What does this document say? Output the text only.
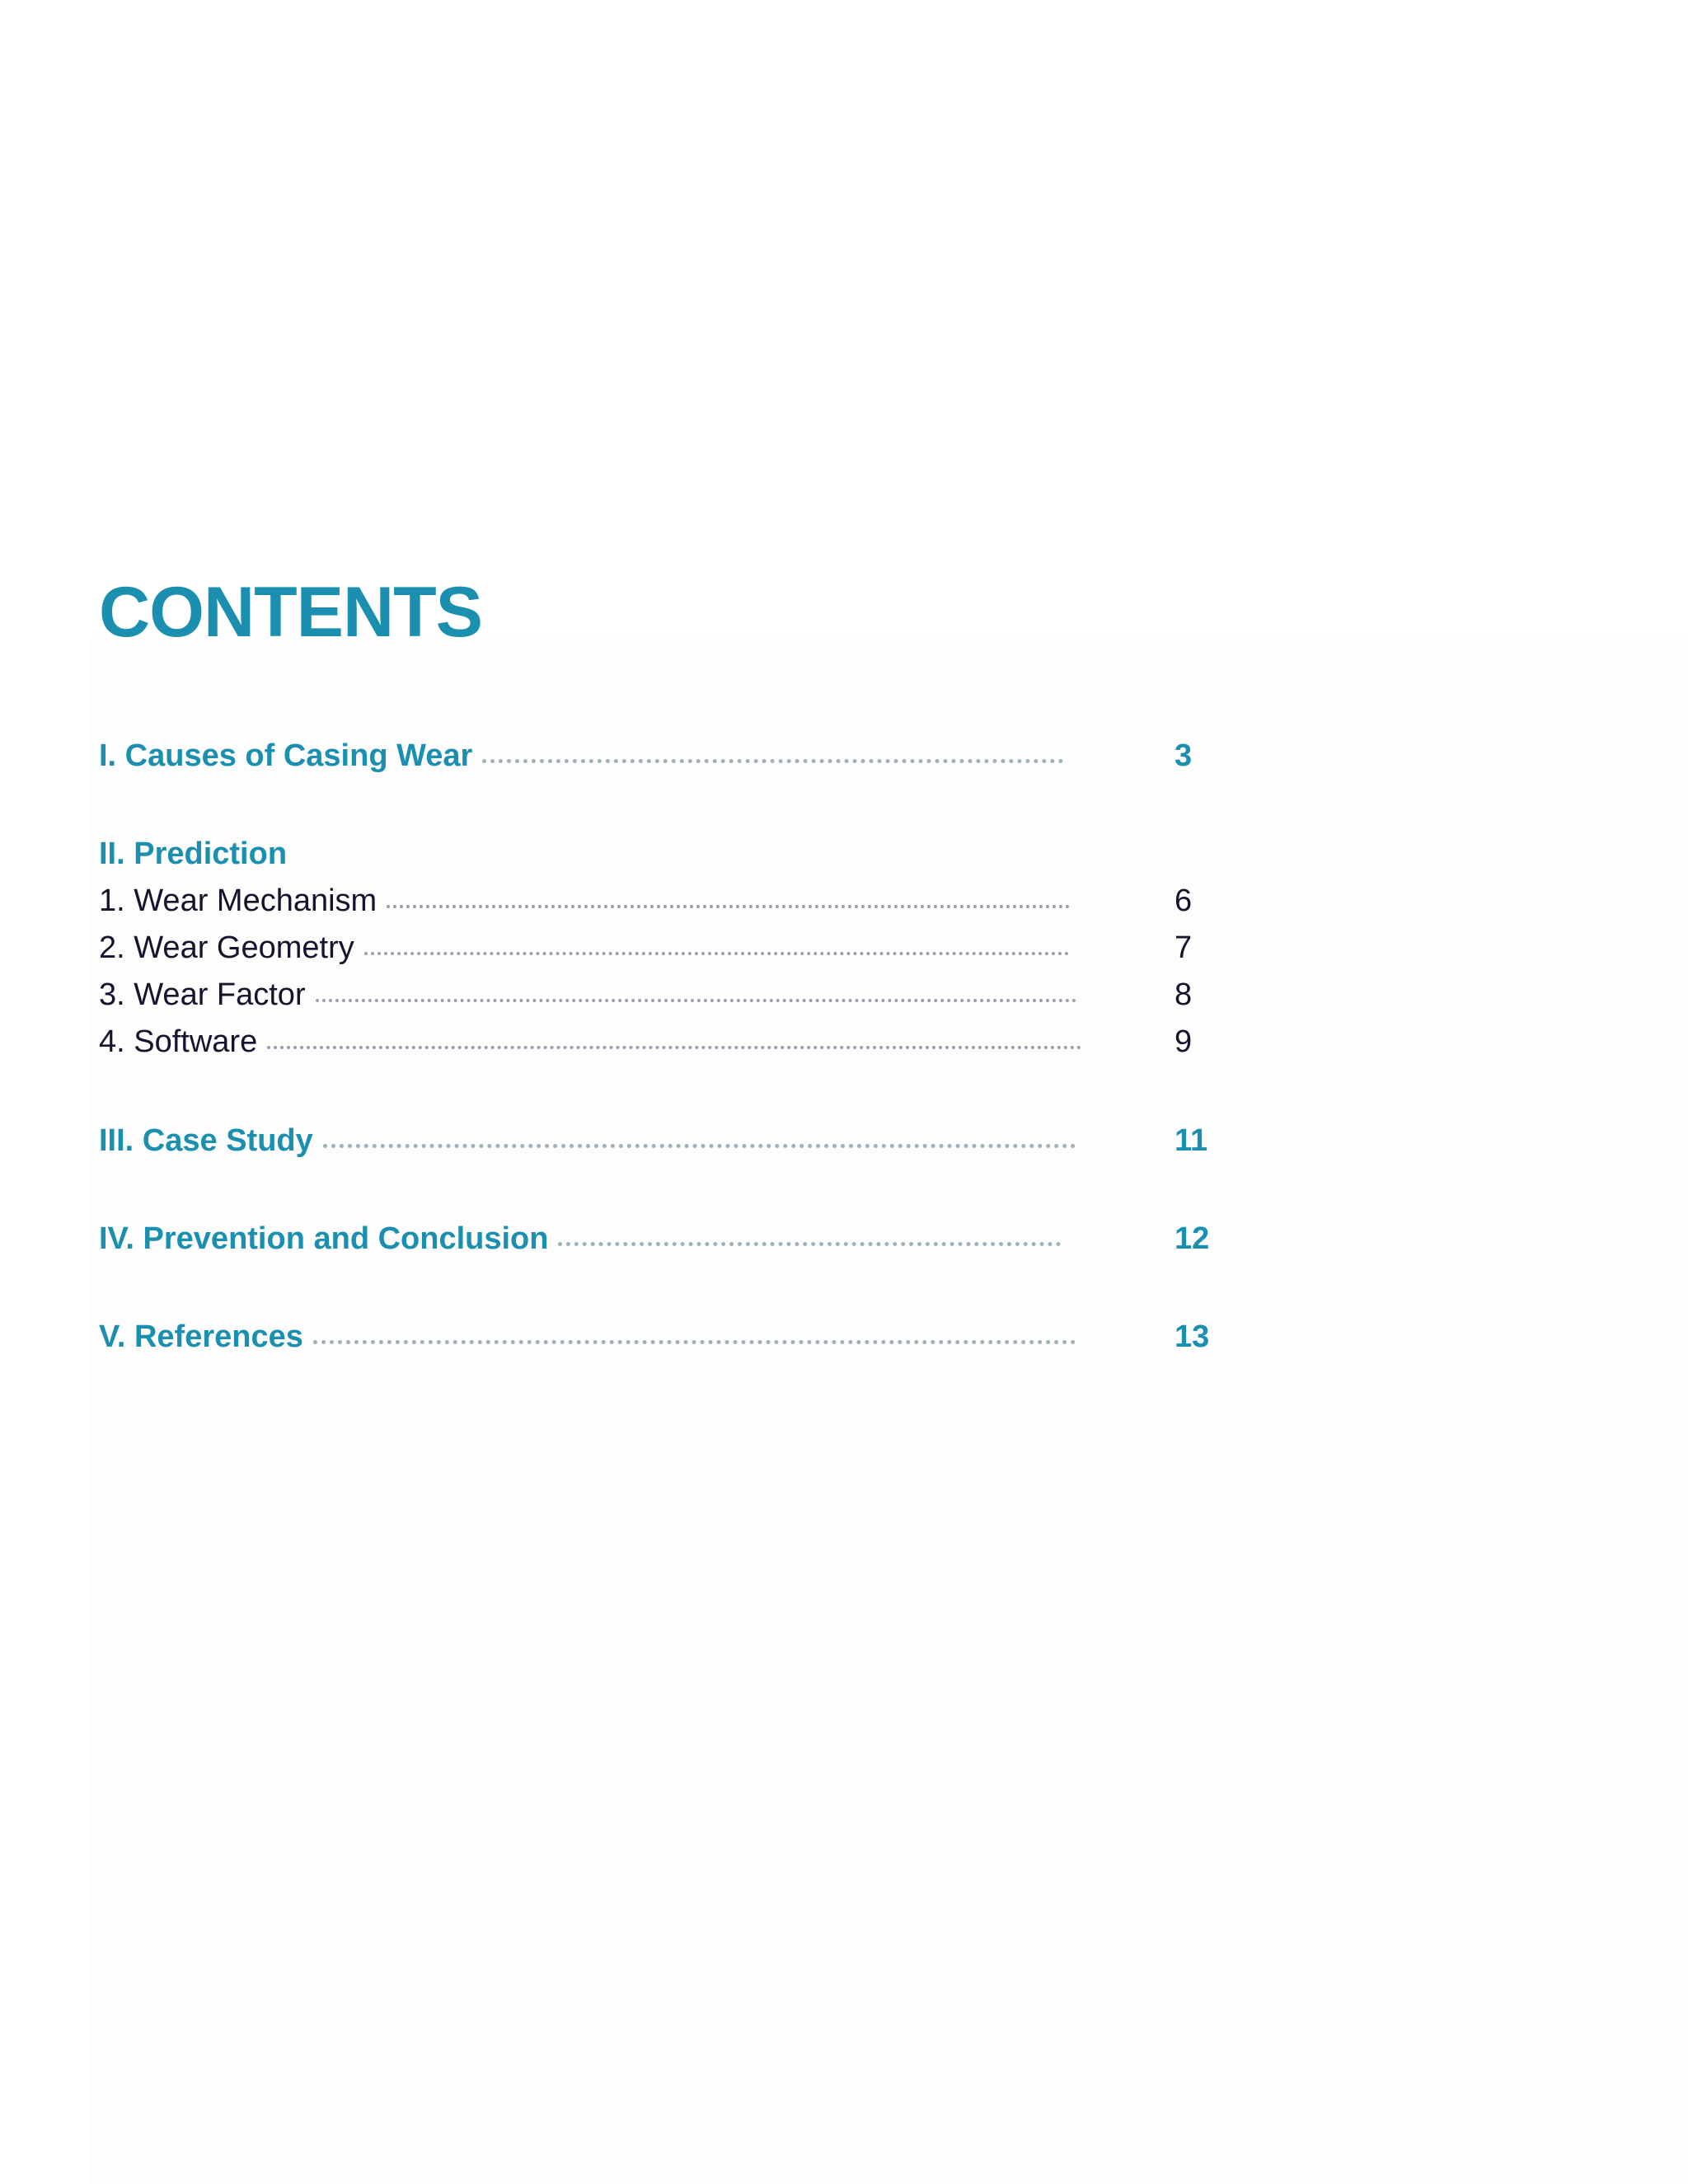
CONTENTS
I. Causes of Casing Wear	3
II. Prediction
1. Wear Mechanism	6
2. Wear Geometry	7
3. Wear Factor	8
4. Software	9
III. Case Study	11
IV. Prevention and Conclusion	12
V. References	13
